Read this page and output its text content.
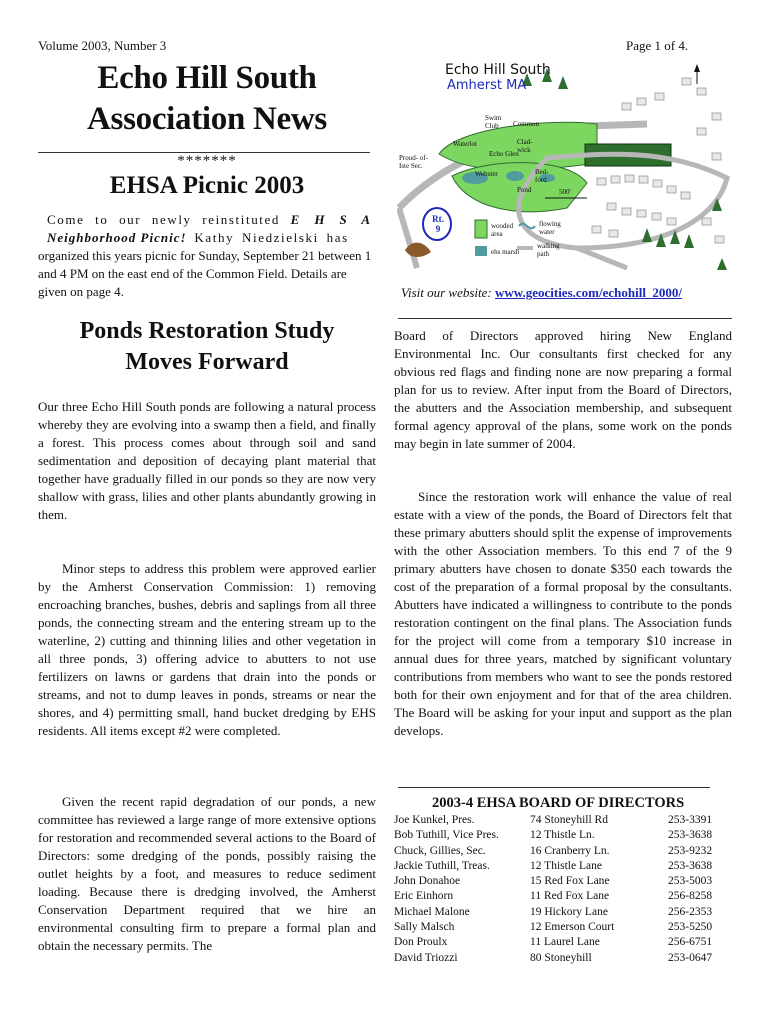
Volume 2003, Number 3	Page 1 of 4.
Echo Hill South
Association News
*******
EHSA Picnic 2003
Come to our newly reinstituted E H S A
Neighborhood Picnic! Kathy Niedzielski has
organized this years picnic for Sunday, September 21 between 1 and 4 PM on the east end of the Common Field. Details are given on page 4.
Ponds Restoration Study
Moves Forward
Our three Echo Hill South ponds are following a natural process whereby they are evolving into a swamp then a field, and finally a forest. This process comes about through soil and sand sedimentation and deposition of decaying plant material that together have gradually filled in our ponds so they are now very shallow with grass, lilies and other plants abundantly growing in them.
Minor steps to address this problem were approved earlier by the Amherst Conservation Commission: 1) removing encroaching branches, bushes, debris and saplings from all three ponds, the connecting stream and the entering stream up to the waterline, 2) cutting and thinning lilies and other vegetation in all three ponds, 3) offering advice to abutters to not use fertilizers on lawns or gardens that drain into the ponds or streams, and not to dump leaves in ponds, streams or near the shores, and 4) permitting small, hand bucket dredging by EHS residents. All items except #2 were completed.
Given the recent rapid degradation of our ponds, a new committee has reviewed a large range of more extensive options for restoration and recommended several actions to the Board of Directors: some dredging of the ponds, possibly raising the outlet heights by a foot, and measures to reduce sediment loading. Because there is dredging involved, the Amherst Conservation Department required that we hire an environmental consulting firm to prepare a formal plan and obtain the necessary permits. The
Echo Hill South
Amherst MA
Swim Club	Common
Waterlot
Echo Glen
Clad- wick
Webster	Bed- ford
Pond
Proud- of- Iste Sec.
Rt. 9	wooded area
ehs marsh
flowing water
walking path
500'
Visit our website: www.geocities.com/echohill_2000/
Board of Directors approved hiring New England Environmental Inc. Our consultants first checked for any obvious red flags and finding none are now preparing a formal plan for us to review. After input from the Board of Directors, the abutters and the Association membership, and subsequent formal agency approval of the plans, some work on the ponds may begin in late summer of 2004.
Since the restoration work will enhance the value of real estate with a view of the ponds, the Board of Directors felt that these primary abutters should split the expense of improvements with the other Association members. To this end 7 of the 9 primary abutters have chosen to donate $350 each towards the cost of the preparation of a formal proposal by the consultants. Abutters have indicated a willingness to contribute to the ponds restoration contingent on the final plans. The Association funds for the project will come from a temporary $10 increase in annual dues for three years, matched by significant voluntary contributions from members who want to see the ponds restored both for their own enjoyment and for that of the area children. The Board will be asking for your input and support as the plan develops.
2003-4 EHSA BOARD OF DIRECTORS
Joe Kunkel, Pres.	74 Stoneyhill Rd	253-3391
Bob Tuthill, Vice Pres.	12 Thistle Ln.	253-3638
Chuck, Gillies, Sec.	16 Cranberry Ln.	253-9232
Jackie Tuthill, Treas.	12 Thistle Lane	253-3638
John Donahoe	15 Red Fox Lane	253-5003
Eric Einhorn	11 Red Fox Lane	256-8258
Michael Malone	19 Hickory Lane	256-2353
Sally Malsch	12 Emerson Court	253-5250
Don Proulx	11 Laurel Lane	256-6751
David Triozzi	80 Stoneyhill	253-0647
